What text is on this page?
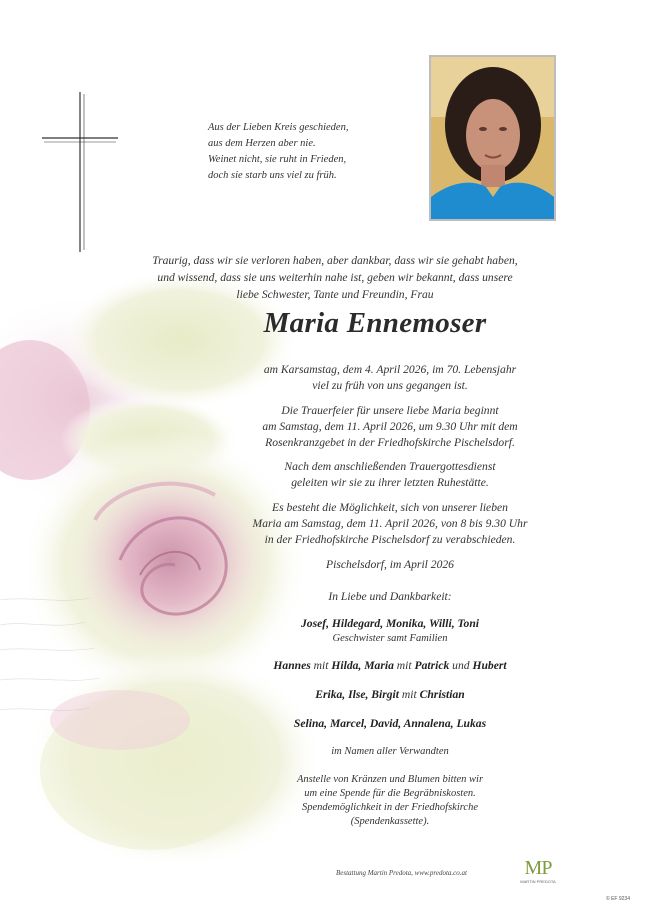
Aus der Lieben Kreis geschieden,
aus dem Herzen aber nie.
Weinet nicht, sie ruht in Frieden,
doch sie starb uns viel zu früh.
Traurig, dass wir sie verloren haben, aber dankbar, dass wir sie gehabt haben,
und wissend, dass sie uns weiterhin nahe ist, geben wir bekannt, dass unsere
liebe Schwester, Tante und Freundin, Frau
Maria Ennemoser
am Karsamstag, dem 4. April 2026, im 70. Lebensjahr
viel zu früh von uns gegangen ist.
Die Trauerfeier für unsere liebe Maria beginnt
am Samstag, dem 11. April 2026, um 9.30 Uhr mit dem
Rosenkranzgebet in der Friedhofskirche Pischelsdorf.
Nach dem anschließenden Trauergottesdienst
geleiten wir sie zu ihrer letzten Ruhestätte.
Es besteht die Möglichkeit, sich von unserer lieben
Maria am Samstag, dem 11. April 2026, von 8 bis 9.30 Uhr
in der Friedhofskirche Pischelsdorf zu verabschieden.
Pischelsdorf, im April 2026
In Liebe und Dankbarkeit:
Josef, Hildegard, Monika, Willi, Toni
Geschwister samt Familien
Hannes mit Hilda, Maria mit Patrick und Hubert
Erika, Ilse, Birgit mit Christian
Selina, Marcel, David, Annalena, Lukas
im Namen aller Verwandten
Anstelle von Kränzen und Blumen bitten wir
um eine Spende für die Begräbniskosten.
Spendemöglichkeit in der Friedhofskirche
(Spendenkassette).
Bestattung Martin Predota, www.predota.co.at	MP
MARTIN PREDOTA
© EF 9234
